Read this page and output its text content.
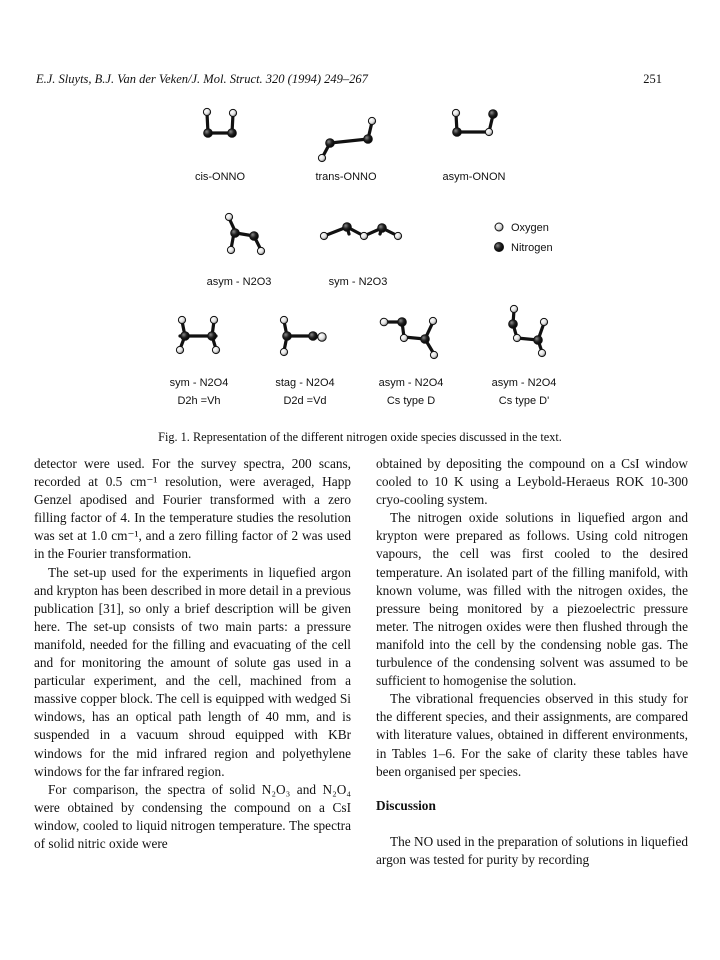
E.J. Sluyts, B.J. Van der Veken/J. Mol. Struct. 320 (1994) 249–267	251
cis-ONNO	trans-ONNO	asym-ONON
asym - N2O3	sym - N2O3
Oxygen
Nitrogen
sym - N2O4	stag - N2O4	asym - N2O4	asym - N2O4
D2h =Vh	D2d =Vd	Cs type D	Cs type D'
Fig. 1. Representation of the different nitrogen oxide species discussed in the text.

detector were used. For the survey spectra, 200 scans, recorded at 0.5 cm⁻¹ resolution, were averaged, Happ Genzel apodised and Fourier transformed with a zero filling factor of 4. In the temperature studies the resolution was set at 1.0 cm⁻¹, and a zero filling factor of 2 was used in the Fourier transformation.

The set-up used for the experiments in liquefied argon and krypton has been described in more detail in a previous publication [31], so only a brief description will be given here. The set-up consists of two main parts: a pressure manifold, needed for the filling and evacuating of the cell and for monitoring the amount of solute gas used in a particular experiment, and the cell, machined from a massive copper block. The cell is equipped with wedged Si windows, has an optical path length of 40 mm, and is suspended in a vacuum shroud equipped with KBr windows for the mid infrared region and polyethylene windows for the far infrared region.

For comparison, the spectra of solid N₂O₃ and N₂O₄ were obtained by condensing the compound on a CsI window, cooled to liquid nitrogen temperature. The spectra of solid nitric oxide were

obtained by depositing the compound on a CsI window cooled to 10 K using a Leybold-Heraeus ROK 10-300 cryo-cooling system.

The nitrogen oxide solutions in liquefied argon and krypton were prepared as follows. Using cold nitrogen vapours, the cell was first cooled to the desired temperature. An isolated part of the filling manifold, with known volume, was filled with the nitrogen oxides, the pressure being monitored by a piezoelectric pressure meter. The nitrogen oxides were then flushed through the manifold into the cell by the condensing noble gas. The turbulence of the condensing solvent was assumed to be sufficient to homogenise the solution.

The vibrational frequencies observed in this study for the different species, and their assignments, are compared with literature values, obtained in different environments, in Tables 1–6. For the sake of clarity these tables have been organised per species.

Discussion

The NO used in the preparation of solutions in liquefied argon was tested for purity by recording
